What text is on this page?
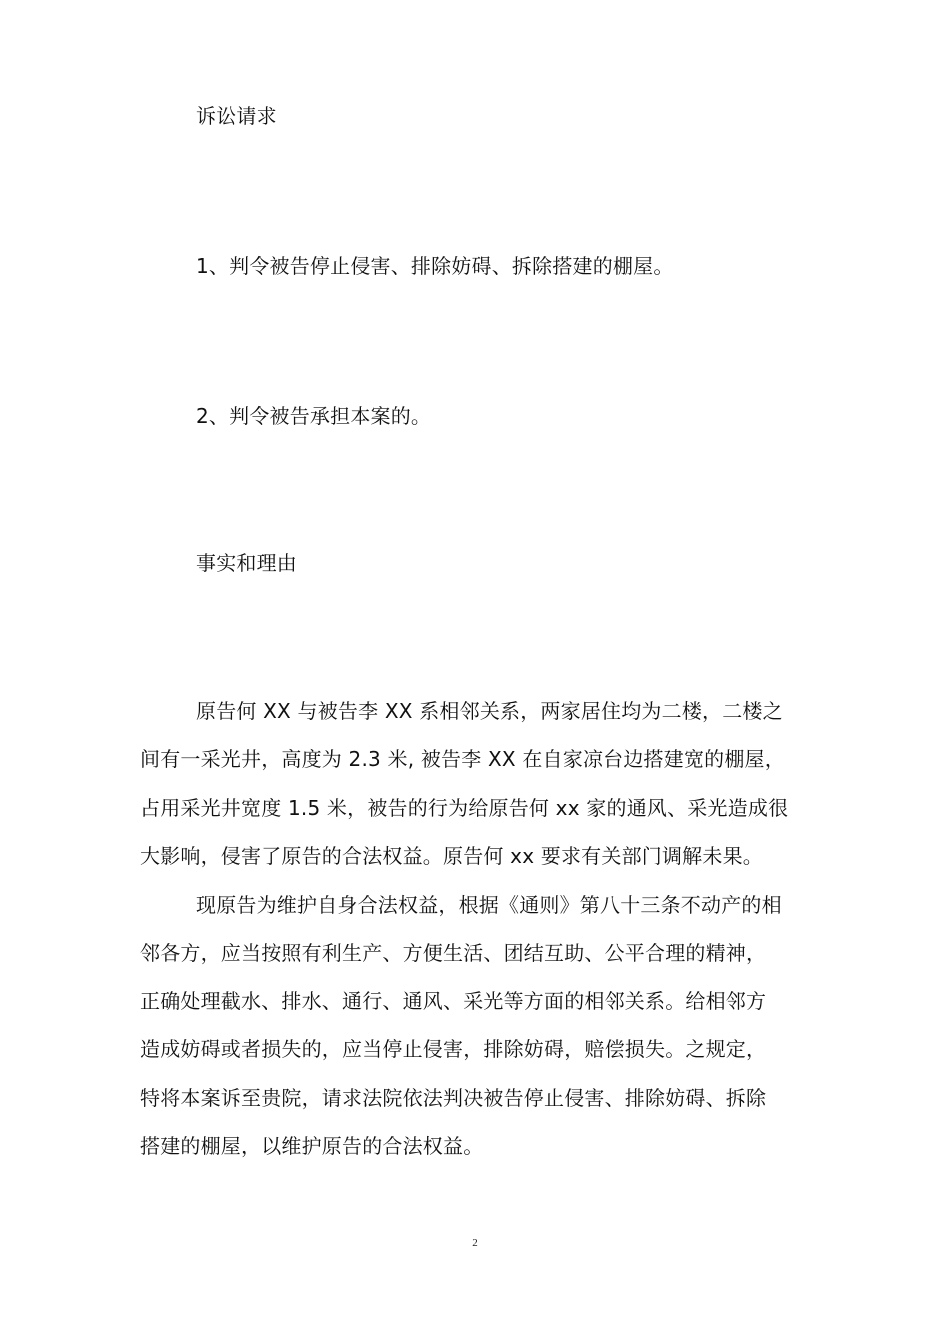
诉讼请求
1、判令被告停止侵害、排除妨碍、拆除搭建的棚屋。
2、判令被告承担本案的。
事实和理由
原告何 XX 与被告李 XX 系相邻关系，两家居住均为二楼，二楼之
间有一采光井，高度为 2.3 米, 被告李 XX 在自家凉台边搭建宽的棚屋，
占用采光井宽度 1.5 米，被告的行为给原告何 xx 家的通风、采光造成很
大影响，侵害了原告的合法权益。原告何 xx 要求有关部门调解未果。
现原告为维护自身合法权益，根据《通则》第八十三条不动产的相
邻各方，应当按照有利生产、方便生活、团结互助、公平合理的精神，
正确处理截水、排水、通行、通风、采光等方面的相邻关系。给相邻方
造成妨碍或者损失的，应当停止侵害，排除妨碍，赔偿损失。之规定，
特将本案诉至贵院，请求法院依法判决被告停止侵害、排除妨碍、拆除
搭建的棚屋，以维护原告的合法权益。
2
